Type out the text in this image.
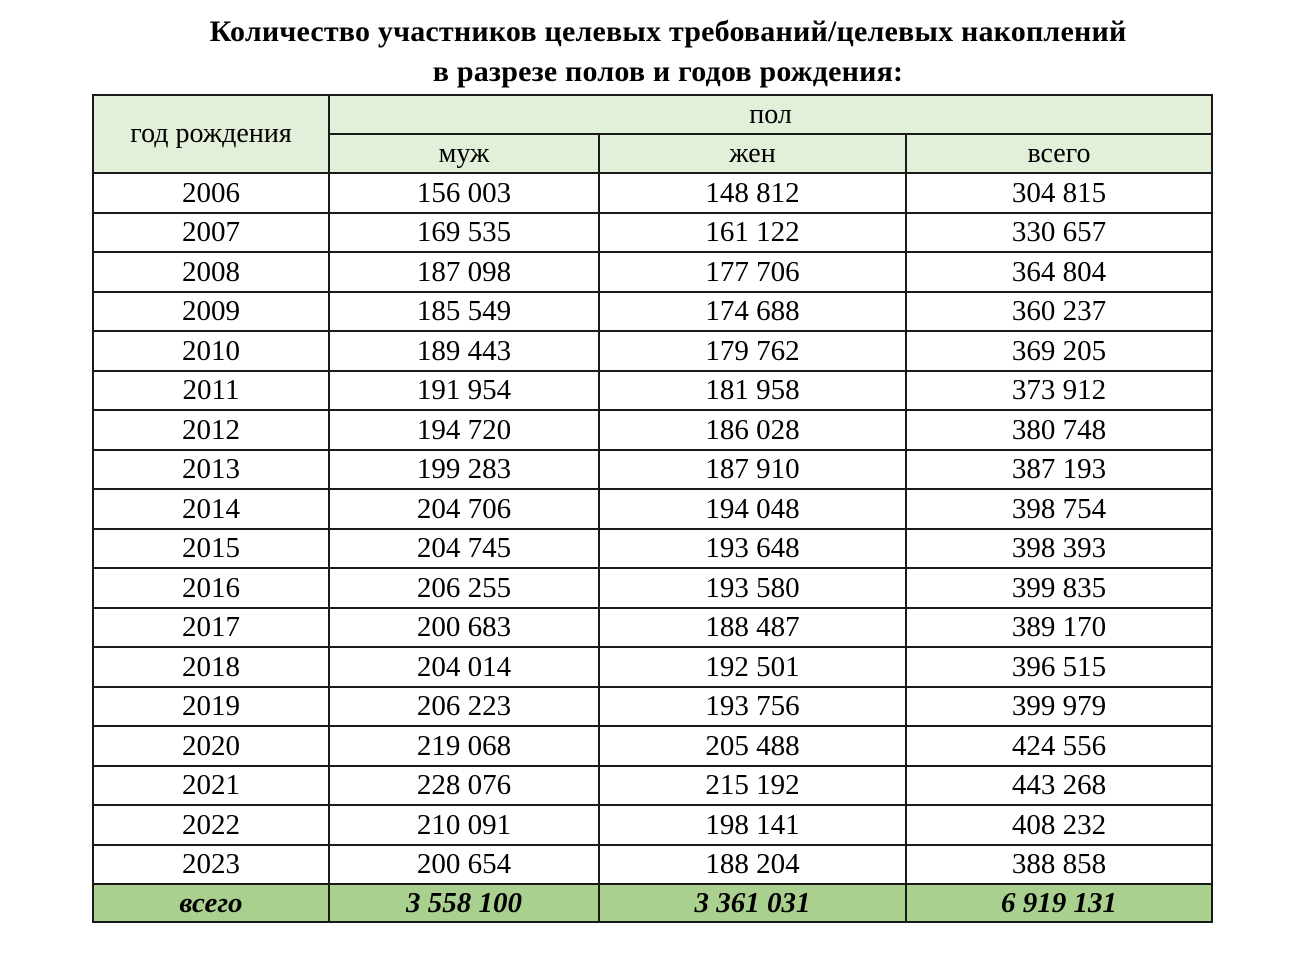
Количество участников целевых требований/целевых накоплений
в разрезе полов и годов рождения:
год рождения	пол		
	муж	жен	всего
2006	156 003	148 812	304 815
2007	169 535	161 122	330 657
2008	187 098	177 706	364 804
2009	185 549	174 688	360 237
2010	189 443	179 762	369 205
2011	191 954	181 958	373 912
2012	194 720	186 028	380 748
2013	199 283	187 910	387 193
2014	204 706	194 048	398 754
2015	204 745	193 648	398 393
2016	206 255	193 580	399 835
2017	200 683	188 487	389 170
2018	204 014	192 501	396 515
2019	206 223	193 756	399 979
2020	219 068	205 488	424 556
2021	228 076	215 192	443 268
2022	210 091	198 141	408 232
2023	200 654	188 204	388 858
всего	3 558 100	3 361 031	6 919 131
